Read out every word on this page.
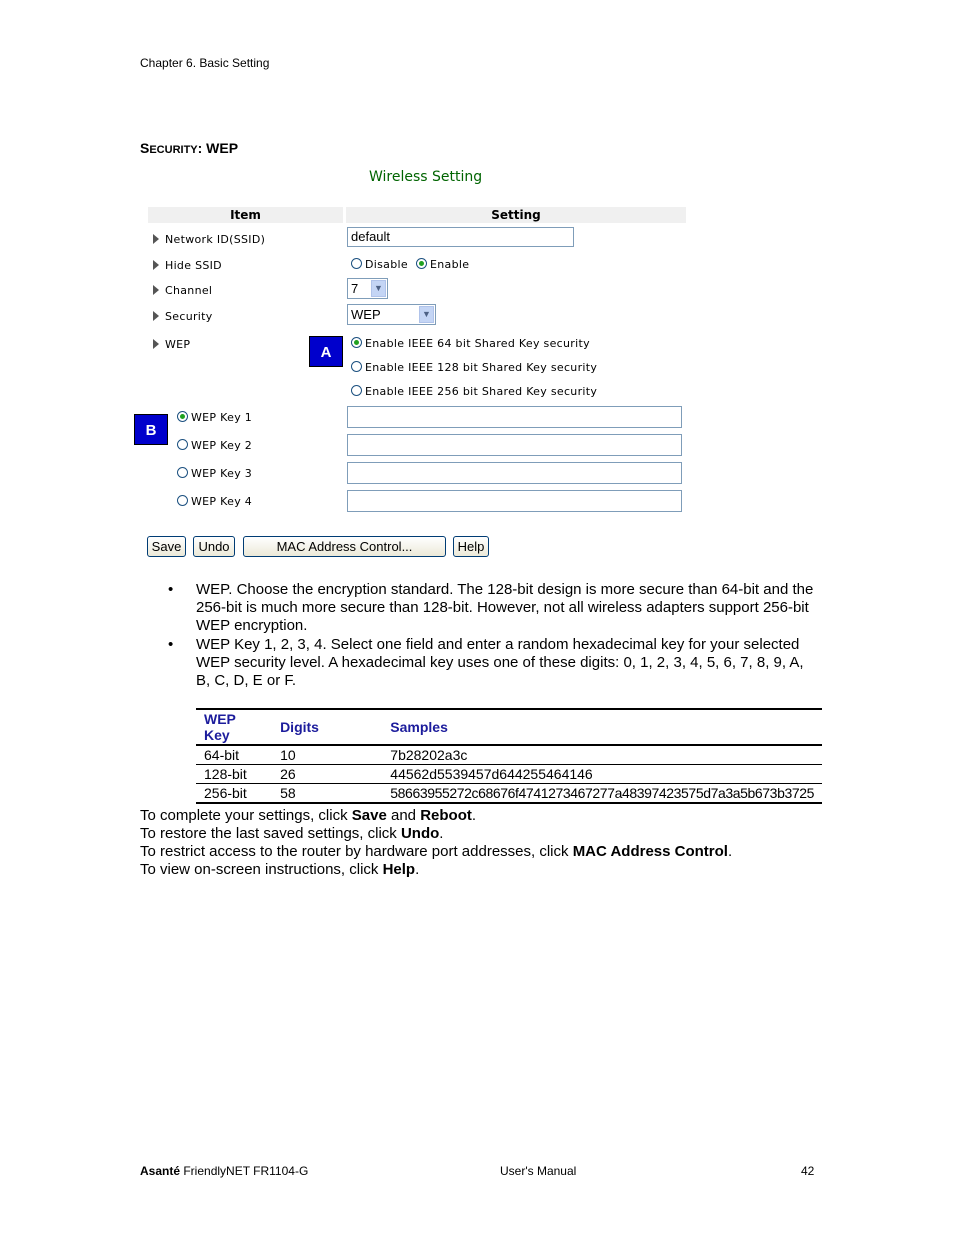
Chapter 6. Basic Setting
SECURITY: WEP
Wireless Setting
Item	Setting
Network ID(SSID)	default
Hide SSID	Disable	Enable
Channel	7	▼
Security	WEP	▼
WEP	A
Enable IEEE 64 bit Shared Key security
Enable IEEE 128 bit Shared Key security
Enable IEEE 256 bit Shared Key security
B
WEP Key 1
WEP Key 2
WEP Key 3
WEP Key 4
Save	Undo	MAC Address Control...	Help
• WEP. Choose the encryption standard. The 128-bit design is more secure than 64-bit and the 256-bit is much more secure than 128-bit. However, not all wireless adapters support 256-bit WEP encryption.
• WEP Key 1, 2, 3, 4. Select one field and enter a random hexadecimal key for your selected WEP security level. A hexadecimal key uses one of these digits: 0, 1, 2, 3, 4, 5, 6, 7, 8, 9, A, B, C, D, E or F.
WEP Key	Digits	Samples
64-bit	10	7b28202a3c
128-bit	26	44562d5539457d644255464146
256-bit	58	58663955272c68676f4741273467277a48397423575d7a3a5b673b3725
To complete your settings, click Save and Reboot.
To restore the last saved settings, click Undo.
To restrict access to the router by hardware port addresses, click MAC Address Control.
To view on-screen instructions, click Help.
Asanté FriendlyNET FR1104-G	User's Manual	42
